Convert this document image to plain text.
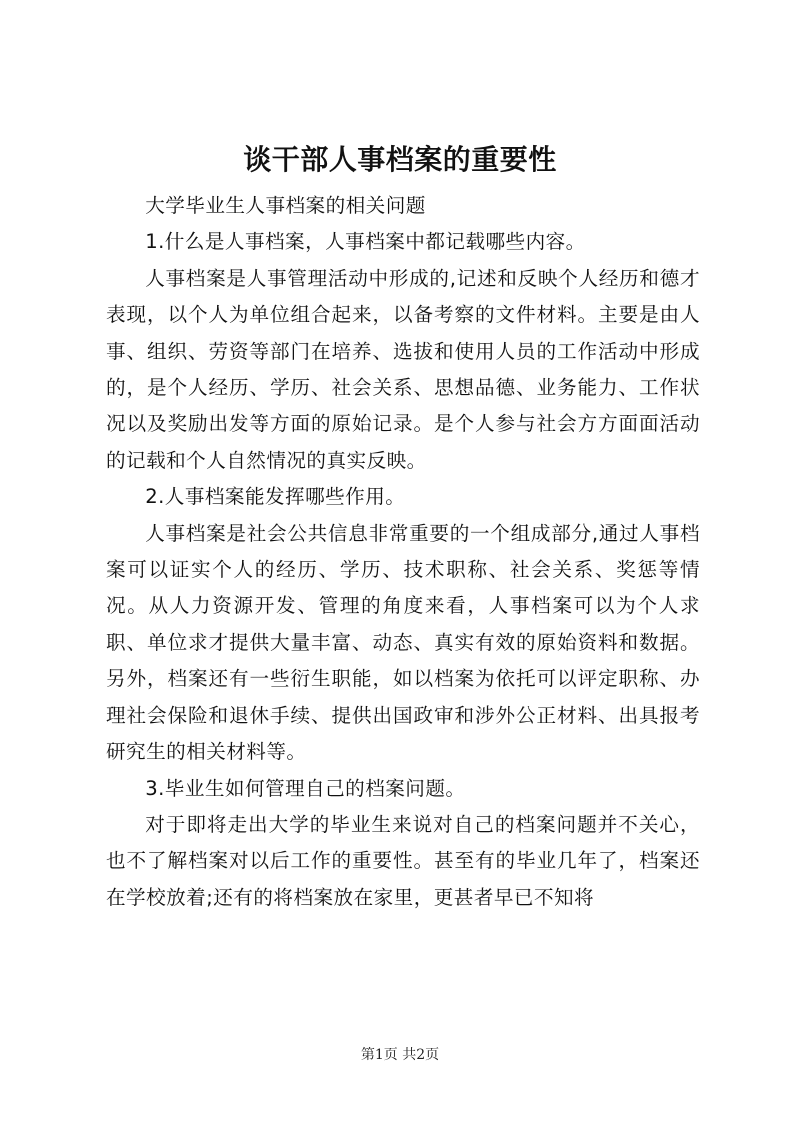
谈干部人事档案的重要性

大学毕业生人事档案的相关问题

1.什么是人事档案，人事档案中都记载哪些内容。

人事档案是人事管理活动中形成的,记述和反映个人经历和德才表现，以个人为单位组合起来，以备考察的文件材料。主要是由人事、组织、劳资等部门在培养、选拔和使用人员的工作活动中形成的，是个人经历、学历、社会关系、思想品德、业务能力、工作状况以及奖励出发等方面的原始记录。是个人参与社会方方面面活动的记载和个人自然情况的真实反映。

2.人事档案能发挥哪些作用。

人事档案是社会公共信息非常重要的一个组成部分,通过人事档案可以证实个人的经历、学历、技术职称、社会关系、奖惩等情况。从人力资源开发、管理的角度来看，人事档案可以为个人求职、单位求才提供大量丰富、动态、真实有效的原始资料和数据。另外，档案还有一些衍生职能，如以档案为依托可以评定职称、办理社会保险和退休手续、提供出国政审和涉外公正材料、出具报考研究生的相关材料等。

3.毕业生如何管理自己的档案问题。

对于即将走出大学的毕业生来说对自己的档案问题并不关心，也不了解档案对以后工作的重要性。甚至有的毕业几年了，档案还在学校放着;还有的将档案放在家里，更甚者早已不知将

第1页 共2页
